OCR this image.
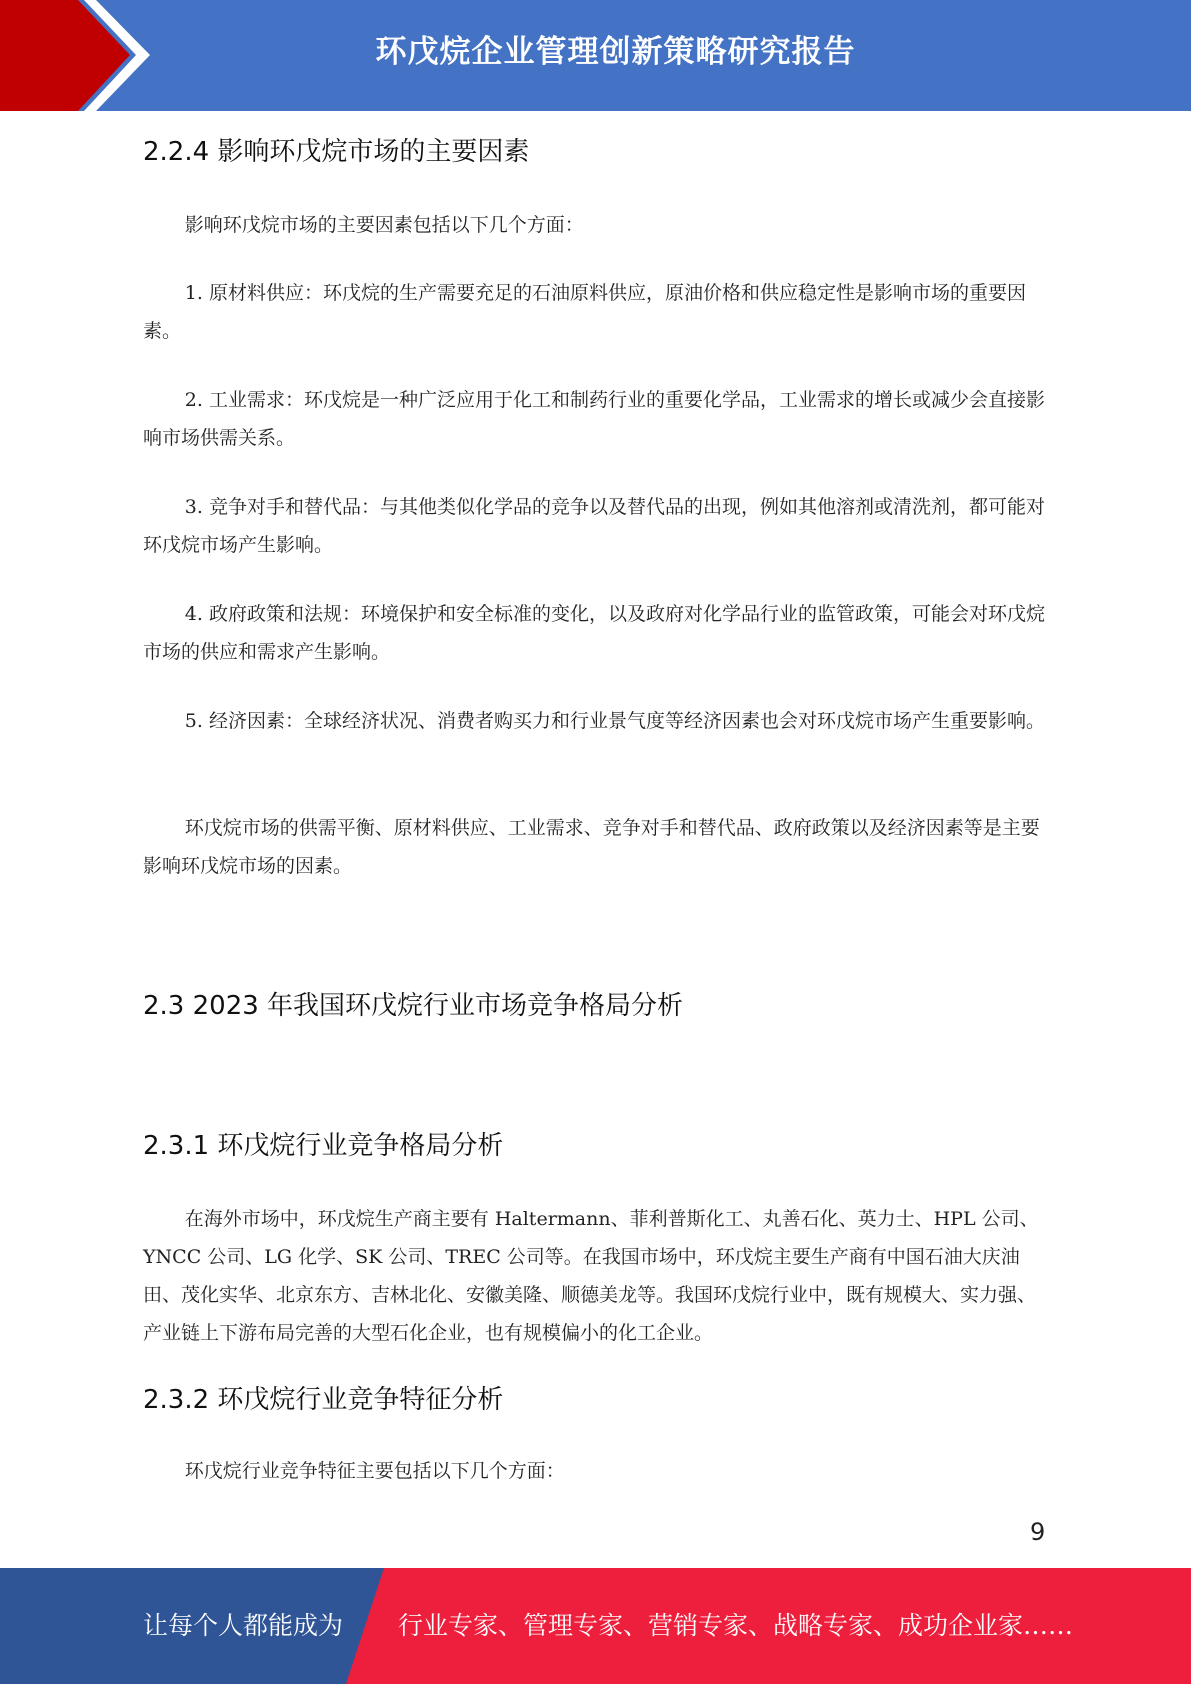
环戊烷企业管理创新策略研究报告
2.2.4 影响环戊烷市场的主要因素

影响环戊烷市场的主要因素包括以下几个方面：

1. 原材料供应：环戊烷的生产需要充足的石油原料供应，原油价格和供应稳定性是影响市场的重要因素。

2. 工业需求：环戊烷是一种广泛应用于化工和制药行业的重要化学品，工业需求的增长或减少会直接影响市场供需关系。

3. 竞争对手和替代品：与其他类似化学品的竞争以及替代品的出现，例如其他溶剂或清洗剂，都可能对环戊烷市场产生影响。

4. 政府政策和法规：环境保护和安全标准的变化，以及政府对化学品行业的监管政策，可能会对环戊烷市场的供应和需求产生影响。

5. 经济因素：全球经济状况、消费者购买力和行业景气度等经济因素也会对环戊烷市场产生重要影响。

环戊烷市场的供需平衡、原材料供应、工业需求、竞争对手和替代品、政府政策以及经济因素等是主要影响环戊烷市场的因素。

2.3 2023 年我国环戊烷行业市场竞争格局分析
2.3.1 环戊烷行业竞争格局分析

在海外市场中，环戊烷生产商主要有 Haltermann、菲利普斯化工、丸善石化、英力士、HPL 公司、YNCC 公司、LG 化学、SK 公司、TREC 公司等。在我国市场中，环戊烷主要生产商有中国石油大庆油田、茂化实华、北京东方、吉林北化、安徽美隆、顺德美龙等。我国环戊烷行业中，既有规模大、实力强、产业链上下游布局完善的大型石化企业，也有规模偏小的化工企业。

2.3.2 环戊烷行业竞争特征分析

环戊烷行业竞争特征主要包括以下几个方面：

9
让每个人都能成为 行业专家、管理专家、营销专家、战略专家、成功企业家……
